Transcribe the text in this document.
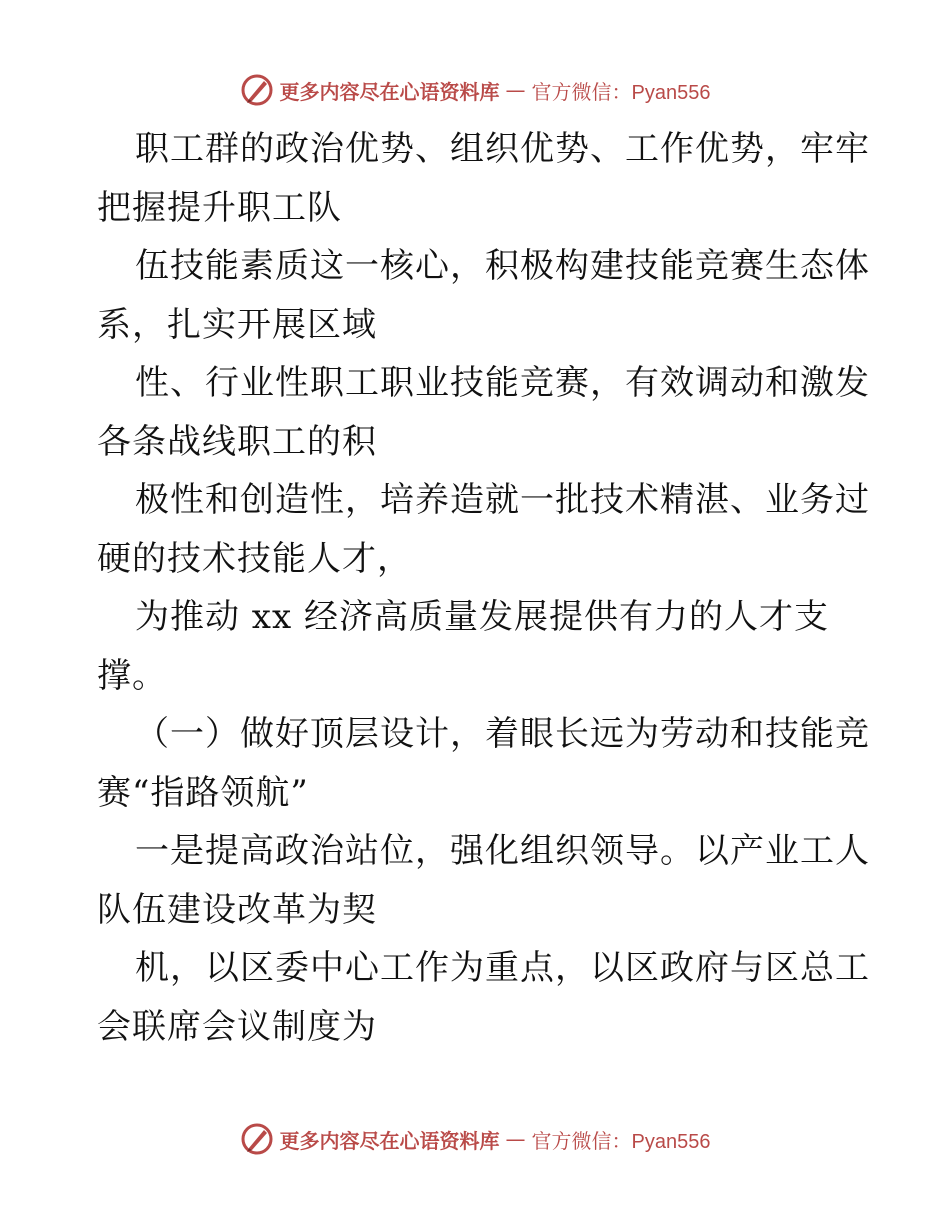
更多内容尽在心语资料库 — 官方微信：Pyan556
职工群的政治优势、组织优势、工作优势，牢牢
把握提升职工队
伍技能素质这一核心，积极构建技能竞赛生态体
系，扎实开展区域
性、行业性职工职业技能竞赛，有效调动和激发
各条战线职工的积
极性和创造性，培养造就一批技术精湛、业务过
硬的技术技能人才，
为推动 xx 经济高质量发展提供有力的人才支
撑。
（一）做好顶层设计，着眼长远为劳动和技能竞
赛“指路领航”
一是提高政治站位，强化组织领导。以产业工人
队伍建设改革为契
机，以区委中心工作为重点，以区政府与区总工
会联席会议制度为
更多内容尽在心语资料库 — 官方微信：Pyan556
